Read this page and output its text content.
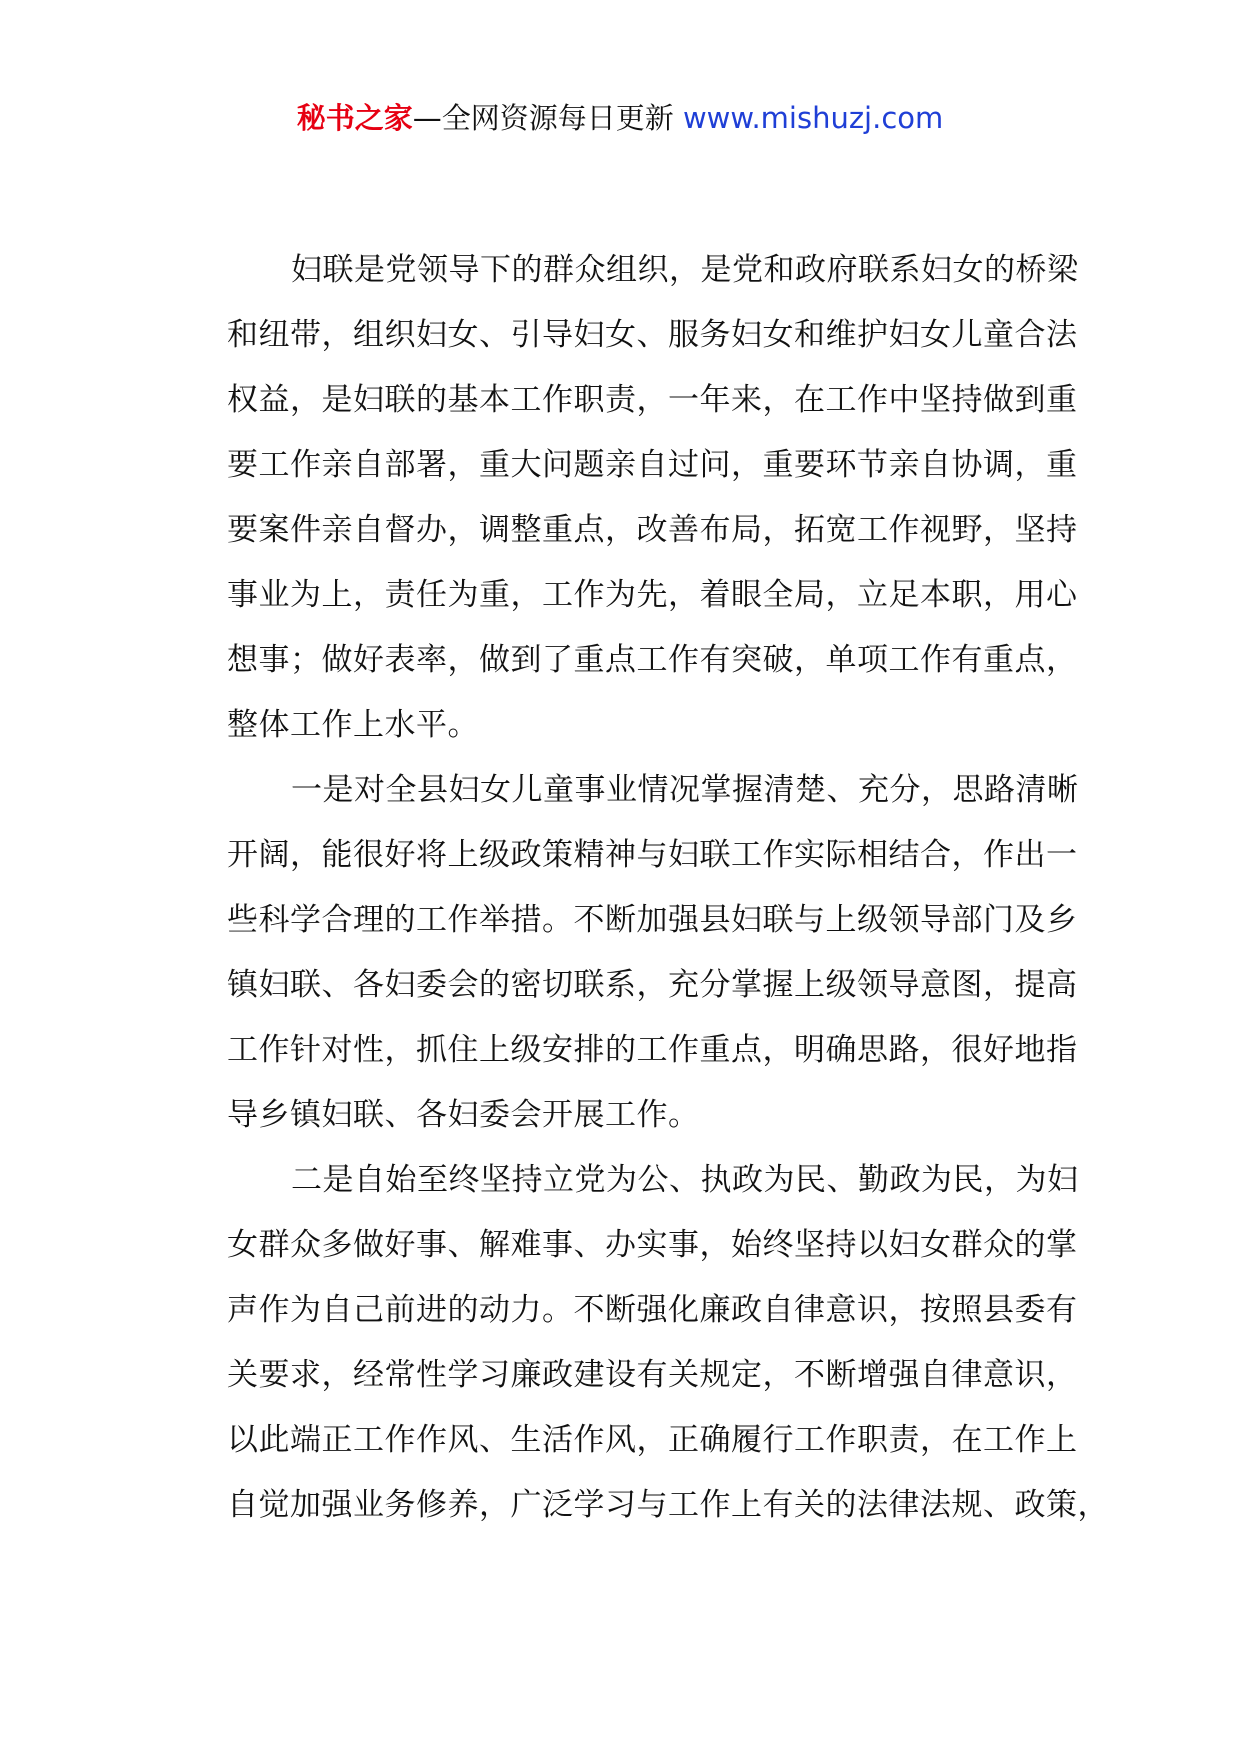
秘书之家—全网资源每日更新 www.mishuzj.com
妇联是党领导下的群众组织，是党和政府联系妇女的桥梁
和纽带，组织妇女、引导妇女、服务妇女和维护妇女儿童合法
权益，是妇联的基本工作职责，一年来，在工作中坚持做到重
要工作亲自部署，重大问题亲自过问，重要环节亲自协调，重
要案件亲自督办，调整重点，改善布局，拓宽工作视野，坚持
事业为上，责任为重，工作为先，着眼全局，立足本职，用心
想事；做好表率，做到了重点工作有突破，单项工作有重点，
整体工作上水平。
一是对全县妇女儿童事业情况掌握清楚、充分，思路清晰
开阔，能很好将上级政策精神与妇联工作实际相结合，作出一
些科学合理的工作举措。不断加强县妇联与上级领导部门及乡
镇妇联、各妇委会的密切联系，充分掌握上级领导意图，提高
工作针对性，抓住上级安排的工作重点，明确思路，很好地指
导乡镇妇联、各妇委会开展工作。
二是自始至终坚持立党为公、执政为民、勤政为民，为妇
女群众多做好事、解难事、办实事，始终坚持以妇女群众的掌
声作为自己前进的动力。不断强化廉政自律意识，按照县委有
关要求，经常性学习廉政建设有关规定，不断增强自律意识，
以此端正工作作风、生活作风，正确履行工作职责，在工作上
自觉加强业务修养，广泛学习与工作上有关的法律法规、政策，
